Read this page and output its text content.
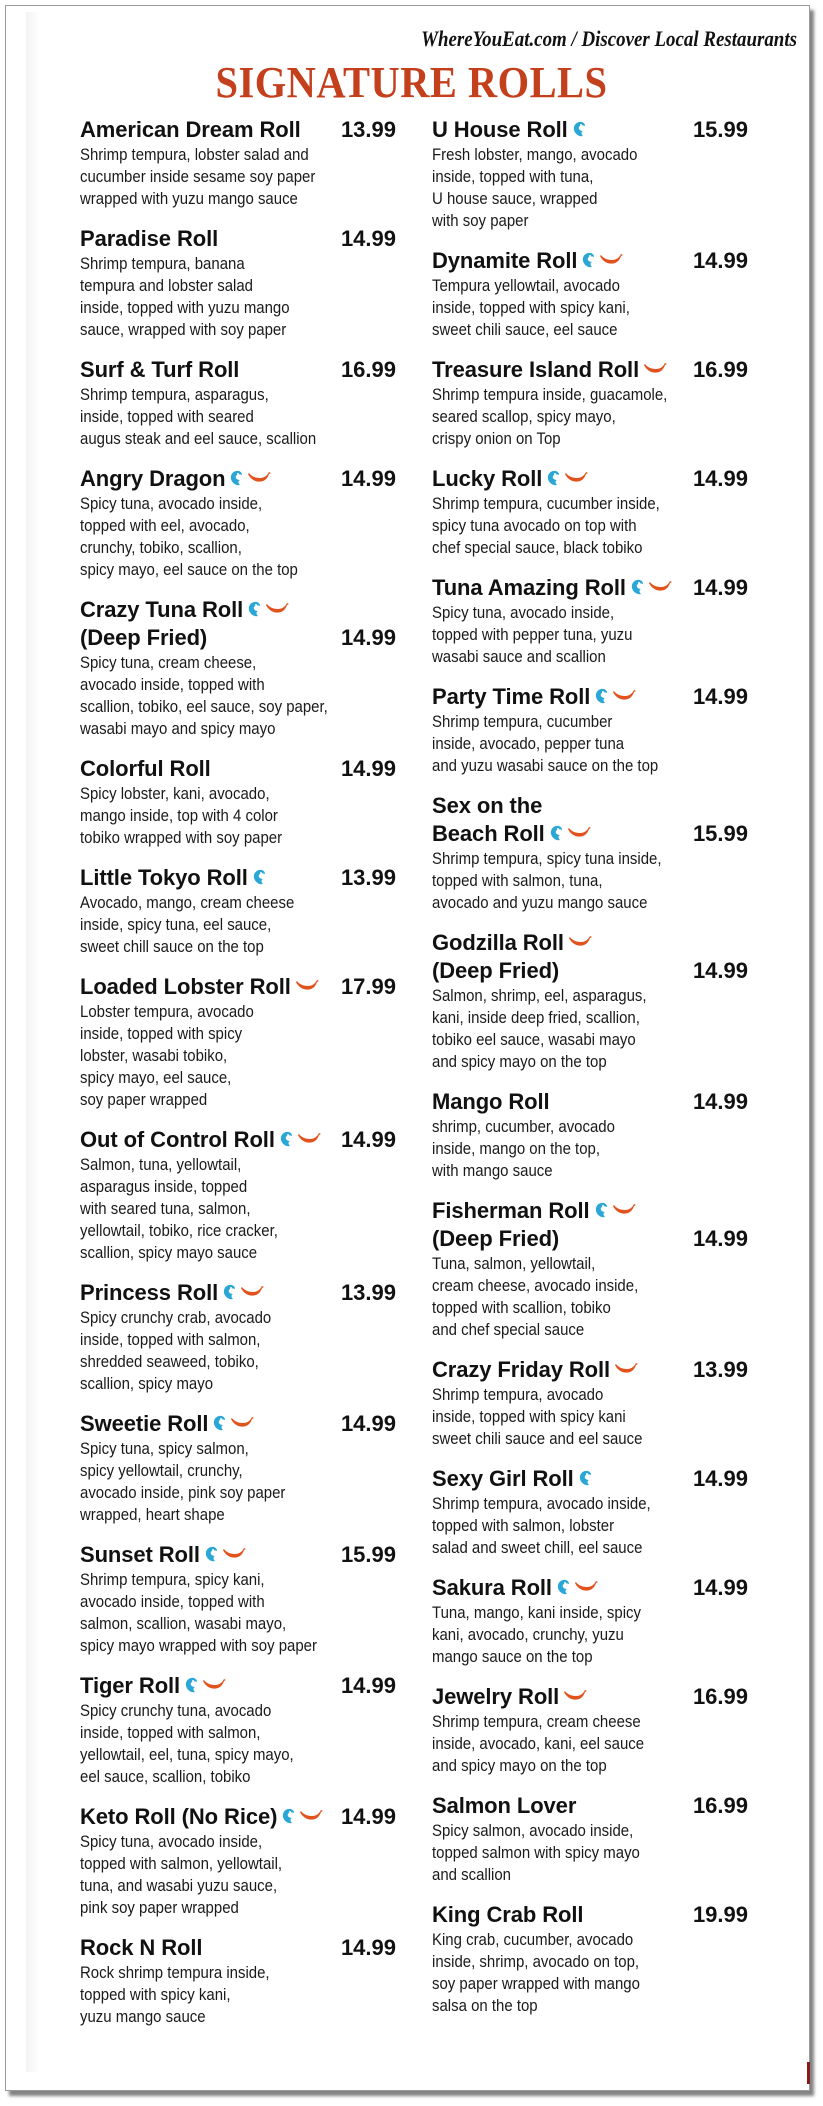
WhereYouEat.com / Discover Local Restaurants
SIGNATURE ROLLS
American Dream Roll	13.99
Shrimp tempura, lobster salad and
cucumber inside sesame soy paper
wrapped with yuzu mango sauce
Paradise Roll	14.99
Shrimp tempura, banana
tempura and lobster salad
inside, topped with yuzu mango
sauce, wrapped with soy paper
Surf & Turf Roll	16.99
Shrimp tempura, asparagus,
inside, topped with seared
augus steak and eel sauce, scallion
Angry Dragon	14.99
Spicy tuna, avocado inside,
topped with eel, avocado,
crunchy, tobiko, scallion,
spicy mayo, eel sauce on the top
Crazy Tuna Roll
(Deep Fried)	14.99
Spicy tuna, cream cheese,
avocado inside, topped with
scallion, tobiko, eel sauce, soy paper,
wasabi mayo and spicy mayo
Colorful Roll	14.99
Spicy lobster, kani, avocado,
mango inside, top with 4 color
tobiko wrapped with soy paper
Little Tokyo Roll	13.99
Avocado, mango, cream cheese
inside, spicy tuna, eel sauce,
sweet chill sauce on the top
Loaded Lobster Roll	17.99
Lobster tempura, avocado
inside, topped with spicy
lobster, wasabi tobiko,
spicy mayo, eel sauce,
soy paper wrapped
Out of Control Roll	14.99
Salmon, tuna, yellowtail,
asparagus inside, topped
with seared tuna, salmon,
yellowtail, tobiko, rice cracker,
scallion, spicy mayo sauce
Princess Roll	13.99
Spicy crunchy crab, avocado
inside, topped with salmon,
shredded seaweed, tobiko,
scallion, spicy mayo
Sweetie Roll	14.99
Spicy tuna, spicy salmon,
spicy yellowtail, crunchy,
avocado inside, pink soy paper
wrapped, heart shape
Sunset Roll	15.99
Shrimp tempura, spicy kani,
avocado inside, topped with
salmon, scallion, wasabi mayo,
spicy mayo wrapped with soy paper
Tiger Roll	14.99
Spicy crunchy tuna, avocado
inside, topped with salmon,
yellowtail, eel, tuna, spicy mayo,
eel sauce, scallion, tobiko
Keto Roll (No Rice)	14.99
Spicy tuna, avocado inside,
topped with salmon, yellowtail,
tuna, and wasabi yuzu sauce,
pink soy paper wrapped
Rock N Roll	14.99
Rock shrimp tempura inside,
topped with spicy kani,
yuzu mango sauce
U House Roll	15.99
Fresh lobster, mango, avocado
inside, topped with tuna,
U house sauce, wrapped
with soy paper
Dynamite Roll	14.99
Tempura yellowtail, avocado
inside, topped with spicy kani,
sweet chili sauce, eel sauce
Treasure Island Roll	16.99
Shrimp tempura inside, guacamole,
seared scallop, spicy mayo,
crispy onion on Top
Lucky Roll	14.99
Shrimp tempura, cucumber inside,
spicy tuna avocado on top with
chef special sauce, black tobiko
Tuna Amazing Roll	14.99
Spicy tuna, avocado inside,
topped with pepper tuna, yuzu
wasabi sauce and scallion
Party Time Roll	14.99
Shrimp tempura, cucumber
inside, avocado, pepper tuna
and yuzu wasabi sauce on the top
Sex on the
Beach Roll	15.99
Shrimp tempura, spicy tuna inside,
topped with salmon, tuna,
avocado and yuzu mango sauce
Godzilla Roll
(Deep Fried)	14.99
Salmon, shrimp, eel, asparagus,
kani, inside deep fried, scallion,
tobiko eel sauce, wasabi mayo
and spicy mayo on the top
Mango Roll	14.99
shrimp, cucumber, avocado
inside, mango on the top,
with mango sauce
Fisherman Roll
(Deep Fried)	14.99
Tuna, salmon, yellowtail,
cream cheese, avocado inside,
topped with scallion, tobiko
and chef special sauce
Crazy Friday Roll	13.99
Shrimp tempura, avocado
inside, topped with spicy kani
sweet chili sauce and eel sauce
Sexy Girl Roll	14.99
Shrimp tempura, avocado inside,
topped with salmon, lobster
salad and sweet chill, eel sauce
Sakura Roll	14.99
Tuna, mango, kani inside, spicy
kani, avocado, crunchy, yuzu
mango sauce on the top
Jewelry Roll	16.99
Shrimp tempura, cream cheese
inside, avocado, kani, eel sauce
and spicy mayo on the top
Salmon Lover	16.99
Spicy salmon, avocado inside,
topped salmon with spicy mayo
and scallion
King Crab Roll	19.99
King crab, cucumber, avocado
inside, shrimp, avocado on top,
soy paper wrapped with mango
salsa on the top
